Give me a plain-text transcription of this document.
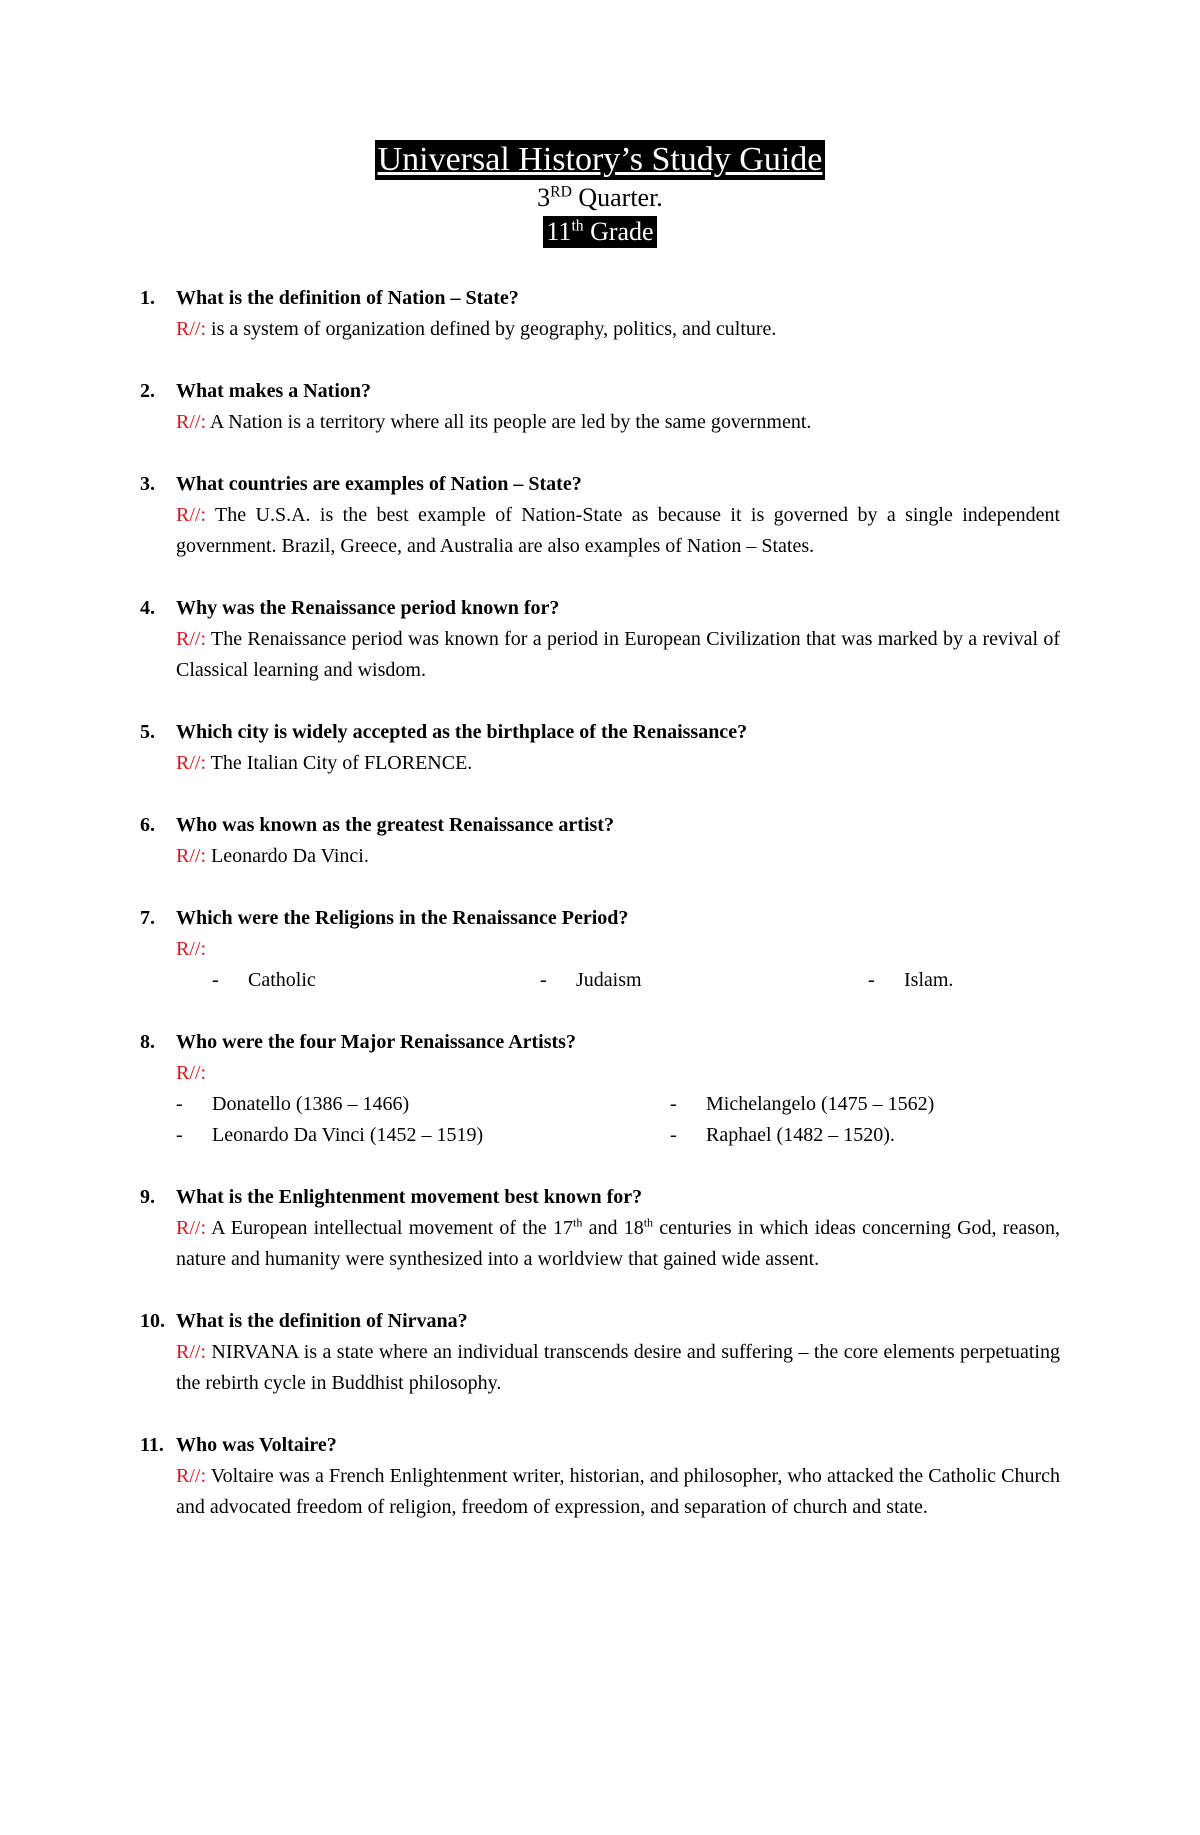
Universal History’s Study Guide
3RD Quarter.
11th Grade
1. What is the definition of Nation – State?
R//: is a system of organization defined by geography, politics, and culture.
2. What makes a Nation?
R//: A Nation is a territory where all its people are led by the same government.
3. What countries are examples of Nation – State?
R//: The U.S.A. is the best example of Nation-State as because it is governed by a single independent government. Brazil, Greece, and Australia are also examples of Nation – States.
4. Why was the Renaissance period known for?
R//: The Renaissance period was known for a period in European Civilization that was marked by a revival of Classical learning and wisdom.
5. Which city is widely accepted as the birthplace of the Renaissance?
R//: The Italian City of FLORENCE.
6. Who was known as the greatest Renaissance artist?
R//: Leonardo Da Vinci.
7. Which were the Religions in the Renaissance Period?
R//:
- Catholic	- Judaism	- Islam.
8. Who were the four Major Renaissance Artists?
R//:
- Donatello (1386 – 1466)	- Michelangelo (1475 – 1562)
- Leonardo Da Vinci (1452 – 1519)	- Raphael (1482 – 1520).
9. What is the Enlightenment movement best known for?
R//: A European intellectual movement of the 17th and 18th centuries in which ideas concerning God, reason, nature and humanity were synthesized into a worldview that gained wide assent.
10. What is the definition of Nirvana?
R//: NIRVANA is a state where an individual transcends desire and suffering – the core elements perpetuating the rebirth cycle in Buddhist philosophy.
11. Who was Voltaire?
R//: Voltaire was a French Enlightenment writer, historian, and philosopher, who attacked the Catholic Church and advocated freedom of religion, freedom of expression, and separation of church and state.
